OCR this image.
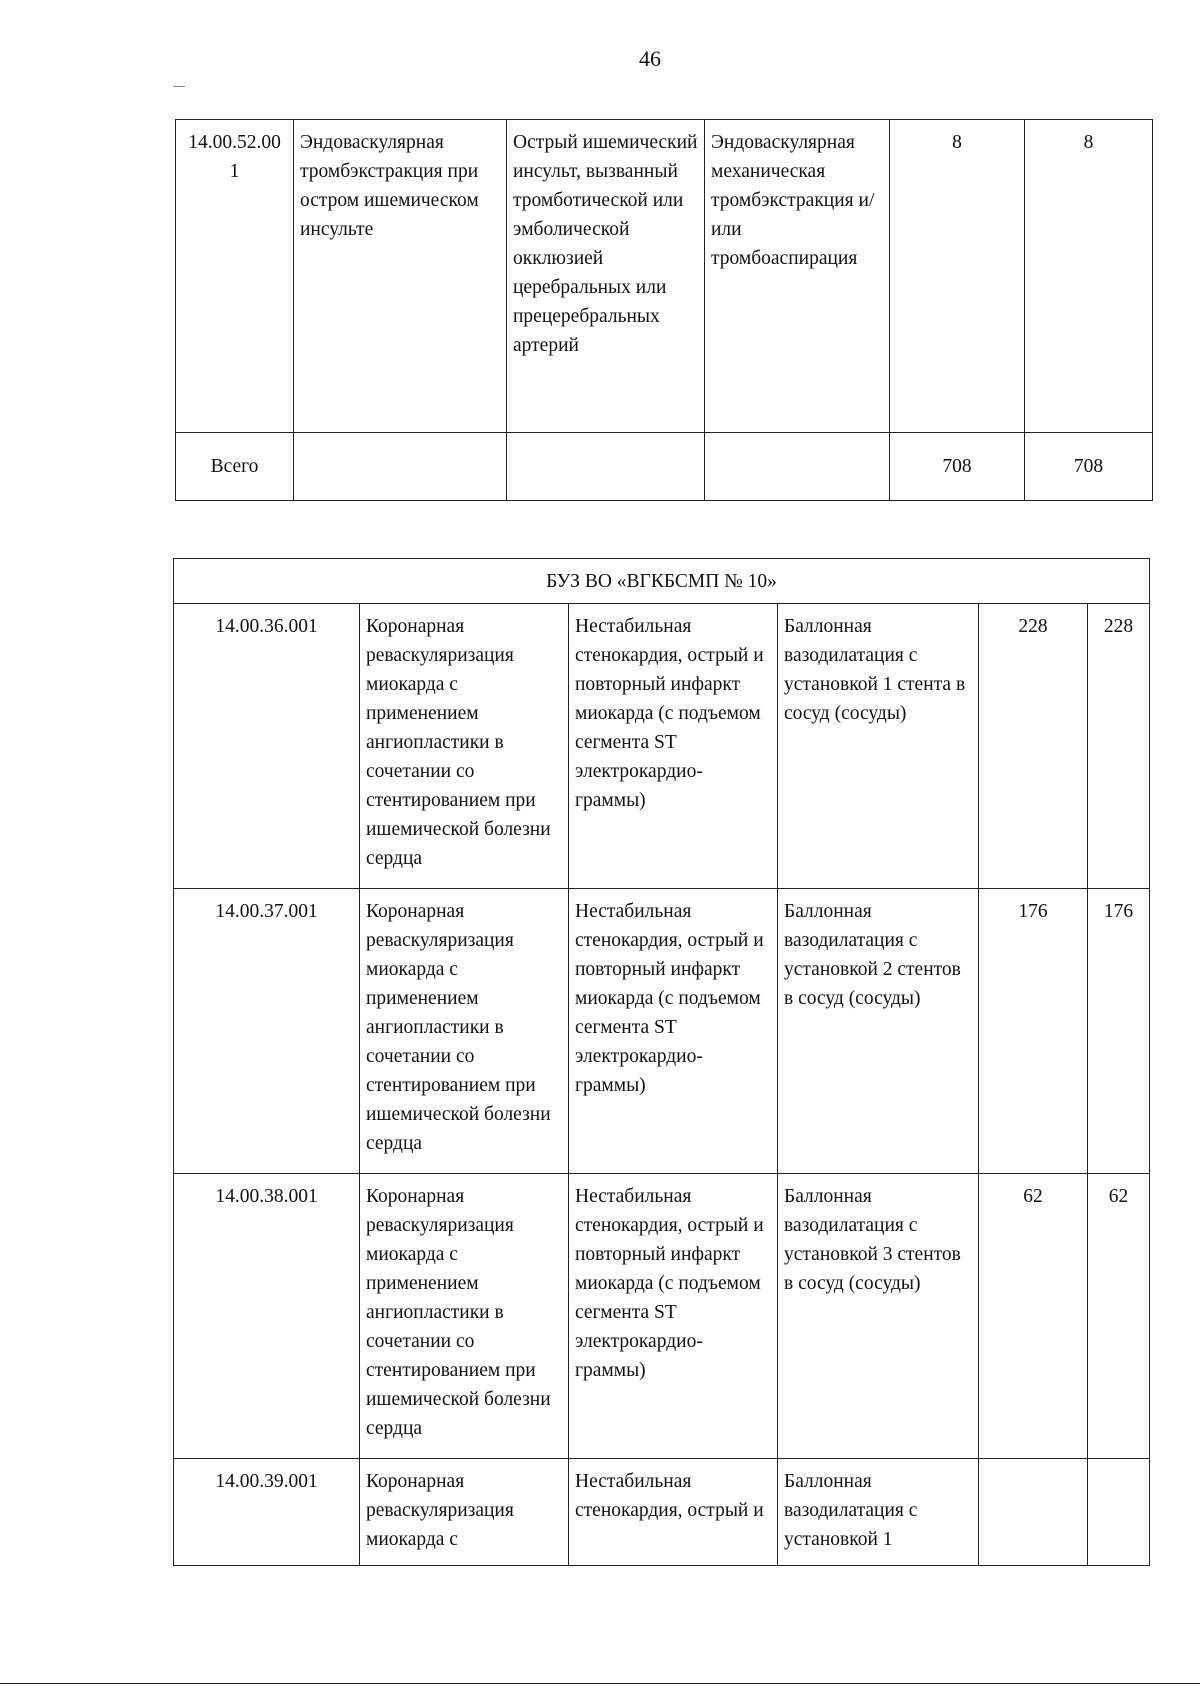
46
14.00.52.00 1	Эндоваскулярная тромбэкстракция при остром ишемическом инсульте	Острый ишемический инсульт, вызванный тромботической или эмболической окклюзией церебральных или прецеребральных артерий	Эндоваскулярная механическая тромбэкстракция и/или тромбоаспирация	8	8
Всего				708	708
БУЗ ВО «ВГКБСМП № 10»					
14.00.36.001	Коронарная реваскуляризация миокарда с применением ангиопластики в сочетании со стентированием при ишемической болезни сердца	Нестабильная стенокардия, острый и повторный инфаркт миокарда (с подъемом сегмента ST электрокардио-граммы)	Баллонная вазодилатация с установкой 1 стента в сосуд (сосуды)	228	228
14.00.37.001	Коронарная реваскуляризация миокарда с применением ангиопластики в сочетании со стентированием при ишемической болезни сердца	Нестабильная стенокардия, острый и повторный инфаркт миокарда (с подъемом сегмента ST электрокардио-граммы)	Баллонная вазодилатация с установкой 2 стентов в сосуд (сосуды)	176	176
14.00.38.001	Коронарная реваскуляризация миокарда с применением ангиопластики в сочетании со стентированием при ишемической болезни сердца	Нестабильная стенокардия, острый и повторный инфаркт миокарда (с подъемом сегмента ST электрокардио-граммы)	Баллонная вазодилатация с установкой 3 стентов в сосуд (сосуды)	62	62
14.00.39.001	Коронарная реваскуляризация миокарда с	Нестабильная стенокардия, острый и	Баллонная вазодилатация с установкой 1		
